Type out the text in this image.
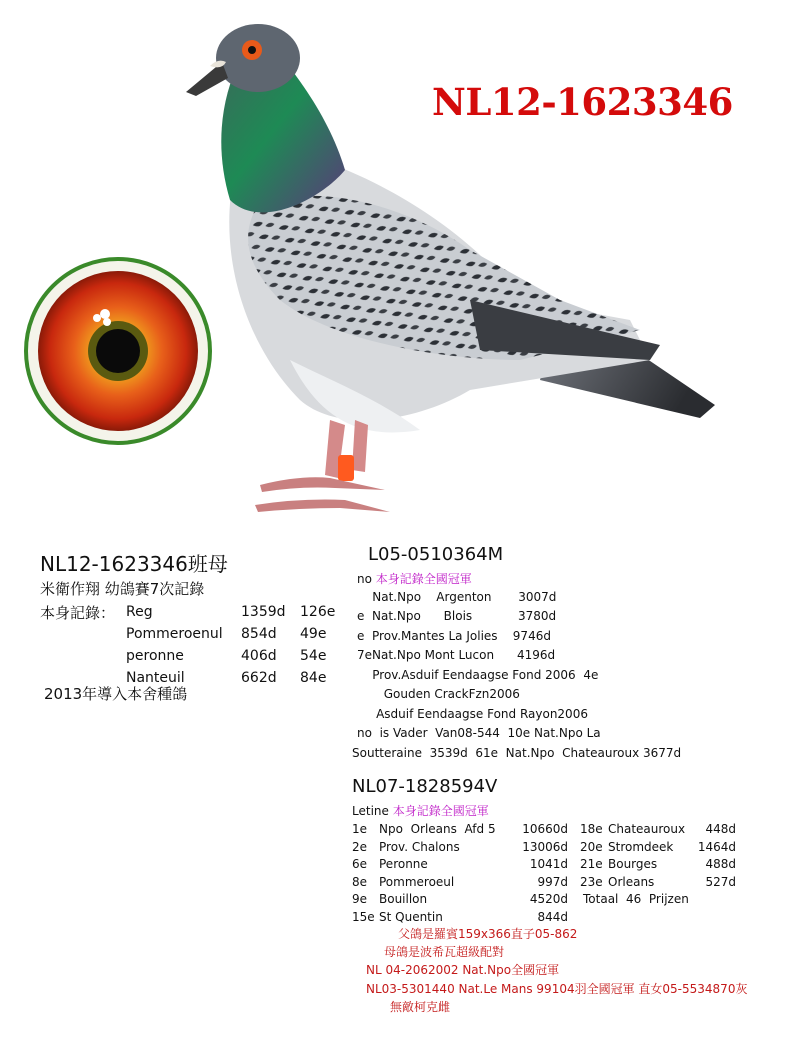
NL12-1623346
NL12-1623346班母
米衛作翔 幼鴿賽7次記錄
本身記錄： Reg	1359d 126e
Pommeroenul 854d 49e
peronne	406d 54e
Nanteuil	662d 84e
2013年導入本舍種鴿
L05-0510364M
no 本身記錄全國冠軍
Nat.Npo    Argenton       3007d
e  Nat.Npo      Blois            3780d
e  Prov.Mantes La Jolies    9746d
7eNat.Npo Mont Lucon      4196d
Prov.Asduif Eendaagse Fond 2006  4e
Gouden CrackFzn2006
Asduif Eendaagse Fond Rayon2006
no  is Vader  Van08-544  10e Nat.Npo La
Soutteraine  3539d  61e  Nat.Npo  Chateauroux 3677d
NL07-1828594V
Letine 本身記錄全國冠軍
1e Npo  Orleans  Afd 5	10660d
2e Prov. Chalons	13006d
6e Peronne	1041d
8e Pommeroeul	997d
9e Bouillon	4520d
15e St Quentin	844d
18e Chateauroux	448d
20e Stromdeek	1464d
21e Bourges	488d
23e Orleans	527d
Totaal  46  Prijzen
父鴿是羅賓159x366直子05-862
母鴿是波希瓦超級配對
NL 04-2062002 Nat.Npo全國冠軍
NL03-5301440 Nat.Le Mans 99104羽全國冠軍 直女05-5534870灰
無敵柯克雌
